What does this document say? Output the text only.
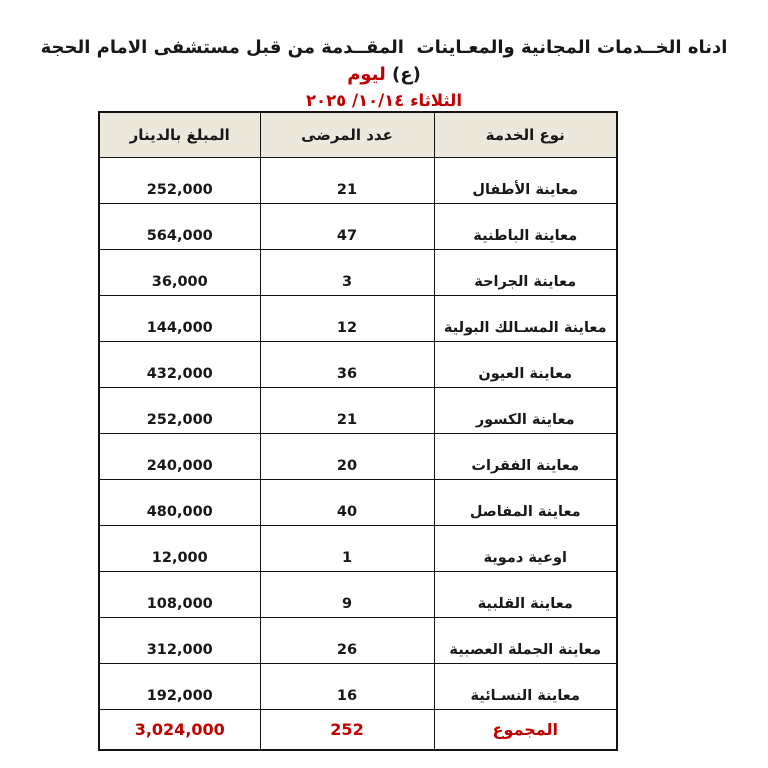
ادناه الخــدمات المجانية والمعـاينات  المقــدمة من قبل مستشفى الامام الحجة (ع) ليوم
الثلاثاء ٢٠٢٥ /١٠/١٤
نوع الخدمة	عدد المرضى	المبلغ بالدينار
معاينة الأطفال	21	252,000
معاينة الباطنية	47	564,000
معاينة الجراحة	3	36,000
معاينة المسـالك البولية	12	144,000
معاينة العيون	36	432,000
معاينة الكسور	21	252,000
معاينة الفقرات	20	240,000
معاينة المفاصل	40	480,000
اوعية دموية	1	12,000
معاينة القلبية	9	108,000
معاينة الجملة العصبية	26	312,000
معاينة النسـائية	16	192,000
المجموع	252	3,024,000
